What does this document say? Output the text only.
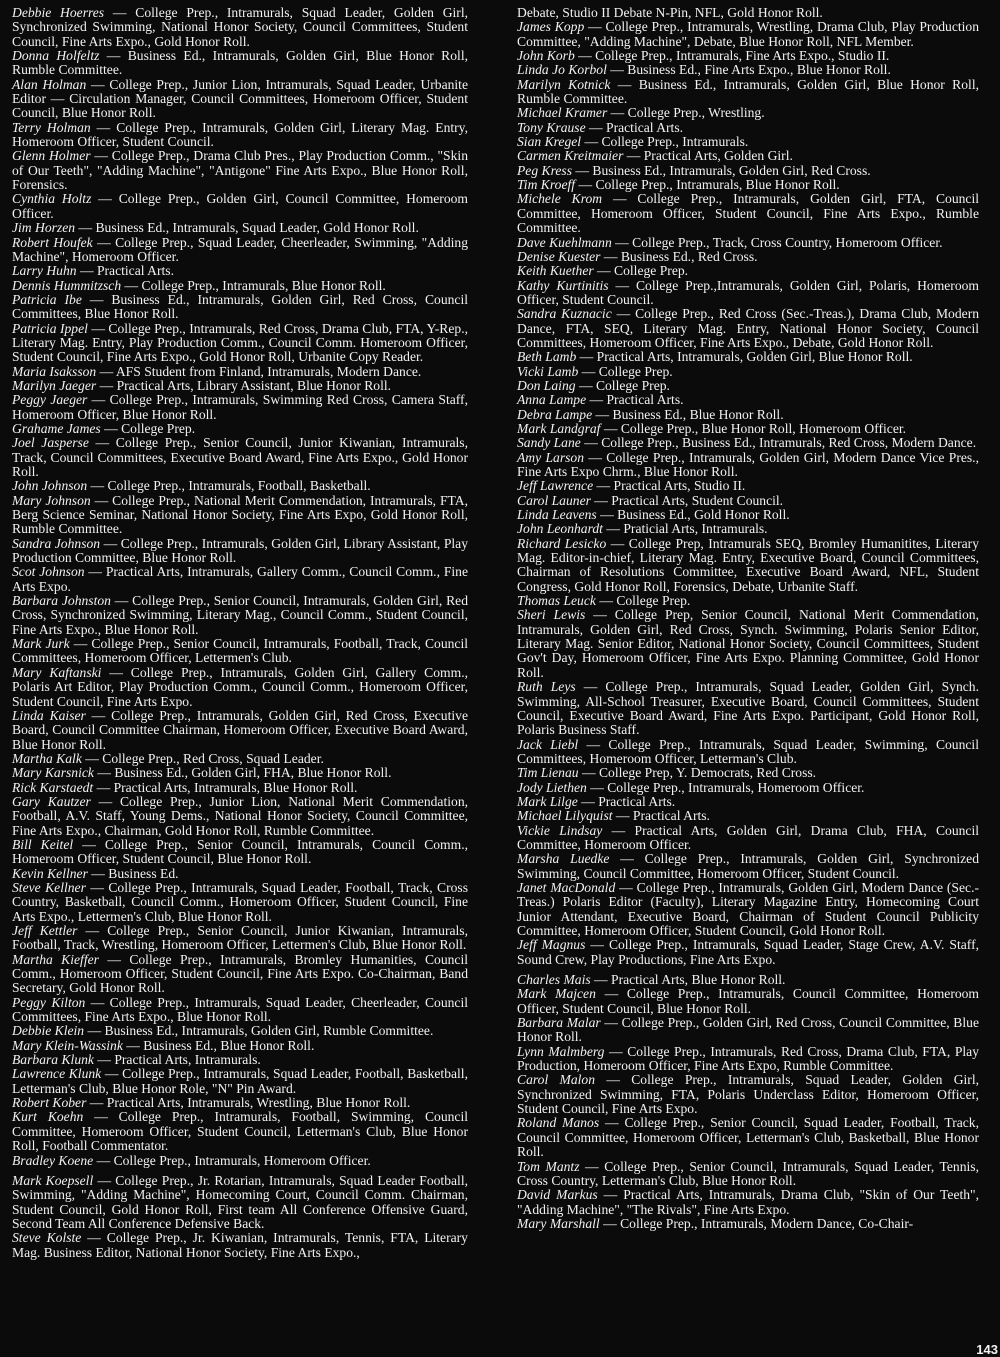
Debbie Hoerres — College Prep., Intramurals, Squad Leader, Golden Girl, Synchronized Swimming, National Honor Society, Council Committees, Student Council, Fine Arts Expo., Gold Honor Roll.

Donna Holfeltz — Business Ed., Intramurals, Golden Girl, Blue Honor Roll, Rumble Committee.

Alan Holman — College Prep., Junior Lion, Intramurals, Squad Leader, Urbanite Editor — Circulation Manager, Council Committees, Homeroom Officer, Student Council, Blue Honor Roll.

Terry Holman — College Prep., Intramurals, Golden Girl, Literary Mag. Entry, Homeroom Officer, Student Council.

Glenn Holmer — College Prep., Drama Club Pres., Play Production Comm., "Skin of Our Teeth", "Adding Machine", "Antigone" Fine Arts Expo., Blue Honor Roll, Forensics.

Cynthia Holtz — College Prep., Golden Girl, Council Committee, Homeroom Officer.

Jim Horzen — Business Ed., Intramurals, Squad Leader, Gold Honor Roll.

Robert Houfek — College Prep., Squad Leader, Cheerleader, Swimming, "Adding Machine", Homeroom Officer.

Larry Huhn — Practical Arts.

Dennis Hummitzsch — College Prep., Intramurals, Blue Honor Roll.

Patricia Ibe — Business Ed., Intramurals, Golden Girl, Red Cross, Council Committees, Blue Honor Roll.

Patricia Ippel — College Prep., Intramurals, Red Cross, Drama Club, FTA, Y-Rep., Literary Mag. Entry, Play Production Comm., Council Comm. Homeroom Officer, Student Council, Fine Arts Expo., Gold Honor Roll, Urbanite Copy Reader.

Maria Isaksson — AFS Student from Finland, Intramurals, Modern Dance.

Marilyn Jaeger — Practical Arts, Library Assistant, Blue Honor Roll.

Peggy Jaeger — College Prep., Intramurals, Swimming Red Cross, Camera Staff, Homeroom Officer, Blue Honor Roll.

Grahame James — College Prep.

Joel Jasperse — College Prep., Senior Council, Junior Kiwanian, Intramurals, Track, Council Committees, Executive Board Award, Fine Arts Expo., Gold Honor Roll.

John Johnson — College Prep., Intramurals, Football, Basketball.

Mary Johnson — College Prep., National Merit Commendation, Intramurals, FTA, Berg Science Seminar, National Honor Society, Fine Arts Expo, Gold Honor Roll, Rumble Committee.

Sandra Johnson — College Prep., Intramurals, Golden Girl, Library Assistant, Play Production Committee, Blue Honor Roll.

Scot Johnson — Practical Arts, Intramurals, Gallery Comm., Council Comm., Fine Arts Expo.

Barbara Johnston — College Prep., Senior Council, Intramurals, Golden Girl, Red Cross, Synchronized Swimming, Literary Mag., Council Comm., Student Council, Fine Arts Expo., Blue Honor Roll.

Mark Jurk — College Prep., Senior Council, Intramurals, Football, Track, Council Committees, Homeroom Officer, Lettermen's Club.

Mary Kaftanski — College Prep., Intramurals, Golden Girl, Gallery Comm., Polaris Art Editor, Play Production Comm., Council Comm., Homeroom Officer, Student Council, Fine Arts Expo.

Linda Kaiser — College Prep., Intramurals, Golden Girl, Red Cross, Executive Board, Council Committee Chairman, Homeroom Officer, Executive Board Award, Blue Honor Roll.

Martha Kalk — College Prep., Red Cross, Squad Leader.

Mary Karsnick — Business Ed., Golden Girl, FHA, Blue Honor Roll.

Rick Karstaedt — Practical Arts, Intramurals, Blue Honor Roll.

Gary Kautzer — College Prep., Junior Lion, National Merit Commendation, Football, A.V. Staff, Young Dems., National Honor Society, Council Committee, Fine Arts Expo., Chairman, Gold Honor Roll, Rumble Committee.

Bill Keitel — College Prep., Senior Council, Intramurals, Council Comm., Homeroom Officer, Student Council, Blue Honor Roll.

Kevin Kellner — Business Ed.

Steve Kellner — College Prep., Intramurals, Squad Leader, Football, Track, Cross Country, Basketball, Council Comm., Homeroom Officer, Student Council, Fine Arts Expo., Lettermen's Club, Blue Honor Roll.

Jeff Kettler — College Prep., Senior Council, Junior Kiwanian, Intramurals, Football, Track, Wrestling, Homeroom Officer, Lettermen's Club, Blue Honor Roll.

Martha Kieffer — College Prep., Intramurals, Bromley Humanities, Council Comm., Homeroom Officer, Student Council, Fine Arts Expo. Co-Chairman, Band Secretary, Gold Honor Roll.

Peggy Kilton — College Prep., Intramurals, Squad Leader, Cheerleader, Council Committees, Fine Arts Expo., Blue Honor Roll.

Debbie Klein — Business Ed., Intramurals, Golden Girl, Rumble Committee.

Mary Klein-Wassink — Business Ed., Blue Honor Roll.

Barbara Klunk — Practical Arts, Intramurals.

Lawrence Klunk — College Prep., Intramurals, Squad Leader, Football, Basketball, Letterman's Club, Blue Honor Role, "N" Pin Award.

Robert Kober — Practical Arts, Intramurals, Wrestling, Blue Honor Roll.

Kurt Koehn — College Prep., Intramurals, Football, Swimming, Council Committee, Homeroom Officer, Student Council, Letterman's Club, Blue Honor Roll, Football Commentator.

Bradley Koene — College Prep., Intramurals, Homeroom Officer.

Mark Koepsell — College Prep., Jr. Rotarian, Intramurals, Squad Leader Football, Swimming, "Adding Machine", Homecoming Court, Council Comm. Chairman, Student Council, Gold Honor Roll, First team All Conference Offensive Guard, Second Team All Conference Defensive Back.

Steve Kolste — College Prep., Jr. Kiwanian, Intramurals, Tennis, FTA, Literary Mag. Business Editor, National Honor Society, Fine Arts Expo.,

Debate, Studio II Debate N-Pin, NFL, Gold Honor Roll.

James Kopp — College Prep., Intramurals, Wrestling, Drama Club, Play Production Committee, "Adding Machine", Debate, Blue Honor Roll, NFL Member.

John Korb — College Prep., Intramurals, Fine Arts Expo., Studio II.

Linda Jo Korbol — Business Ed., Fine Arts Expo., Blue Honor Roll.

Marilyn Kotnick — Business Ed., Intramurals, Golden Girl, Blue Honor Roll, Rumble Committee.

Michael Kramer — College Prep., Wrestling.

Tony Krause — Practical Arts.

Sian Kregel — College Prep., Intramurals.

Carmen Kreitmaier — Practical Arts, Golden Girl.

Peg Kress — Business Ed., Intramurals, Golden Girl, Red Cross.

Tim Kroeff — College Prep., Intramurals, Blue Honor Roll.

Michele Krom — College Prep., Intramurals, Golden Girl, FTA, Council Committee, Homeroom Officer, Student Council, Fine Arts Expo., Rumble Committee.

Dave Kuehlmann — College Prep., Track, Cross Country, Homeroom Officer.

Denise Kuester — Business Ed., Red Cross.

Keith Kuether — College Prep.

Kathy Kurtinitis — College Prep.,Intramurals, Golden Girl, Polaris, Homeroom Officer, Student Council.

Sandra Kuznacic — College Prep., Red Cross (Sec.-Treas.), Drama Club, Modern Dance, FTA, SEQ, Literary Mag. Entry, National Honor Society, Council Committees, Homeroom Officer, Fine Arts Expo., Debate, Gold Honor Roll.

Beth Lamb — Practical Arts, Intramurals, Golden Girl, Blue Honor Roll.

Vicki Lamb — College Prep.

Don Laing — College Prep.

Anna Lampe — Practical Arts.

Debra Lampe — Business Ed., Blue Honor Roll.

Mark Landgraf — College Prep., Blue Honor Roll, Homeroom Officer.

Sandy Lane — College Prep., Business Ed., Intramurals, Red Cross, Modern Dance.

Amy Larson — College Prep., Intramurals, Golden Girl, Modern Dance Vice Pres., Fine Arts Expo Chrm., Blue Honor Roll.

Jeff Lawrence — Practical Arts, Studio II.

Carol Launer — Practical Arts, Student Council.

Linda Leavens — Business Ed., Gold Honor Roll.

John Leonhardt — Praticial Arts, Intramurals.

Richard Lesicko — College Prep, Intramurals SEQ, Bromley Humanitites, Literary Mag. Editor-in-chief, Literary Mag. Entry, Executive Board, Council Committees, Chairman of Resolutions Committee, Executive Board Award, NFL, Student Congress, Gold Honor Roll, Forensics, Debate, Urbanite Staff.

Thomas Leuck — College Prep.

Sheri Lewis — College Prep, Senior Council, National Merit Commendation, Intramurals, Golden Girl, Red Cross, Synch. Swimming, Polaris Senior Editor, Literary Mag. Senior Editor, National Honor Society, Council Committees, Student Gov't Day, Homeroom Officer, Fine Arts Expo. Planning Committee, Gold Honor Roll.

Ruth Leys — College Prep., Intramurals, Squad Leader, Golden Girl, Synch. Swimming, All-School Treasurer, Executive Board, Council Committees, Student Council, Executive Board Award, Fine Arts Expo. Participant, Gold Honor Roll, Polaris Business Staff.

Jack Liebl — College Prep., Intramurals, Squad Leader, Swimming, Council Committees, Homeroom Officer, Letterman's Club.

Tim Lienau — College Prep, Y. Democrats, Red Cross.

Jody Liethen — College Prep., Intramurals, Homeroom Officer.

Mark Lilge — Practical Arts.

Michael Lilyquist — Practical Arts.

Vickie Lindsay — Practical Arts, Golden Girl, Drama Club, FHA, Council Committee, Homeroom Officer.

Marsha Luedke — College Prep., Intramurals, Golden Girl, Synchronized Swimming, Council Committee, Homeroom Officer, Student Council.

Janet MacDonald — College Prep., Intramurals, Golden Girl, Modern Dance (Sec.-Treas.) Polaris Editor (Faculty), Literary Magazine Entry, Homecoming Court Junior Attendant, Executive Board, Chairman of Student Council Publicity Committee, Homeroom Officer, Student Council, Gold Honor Roll.

Jeff Magnus — College Prep., Intramurals, Squad Leader, Stage Crew, A.V. Staff, Sound Crew, Play Productions, Fine Arts Expo.

Charles Mais — Practical Arts, Blue Honor Roll.

Mark Majcen — College Prep., Intramurals, Council Committee, Homeroom Officer, Student Council, Blue Honor Roll.

Barbara Malar — College Prep., Golden Girl, Red Cross, Council Committee, Blue Honor Roll.

Lynn Malmberg — College Prep., Intramurals, Red Cross, Drama Club, FTA, Play Production, Homeroom Officer, Fine Arts Expo, Rumble Committee.

Carol Malon — College Prep., Intramurals, Squad Leader, Golden Girl, Synchronized Swimming, FTA, Polaris Underclass Editor, Homeroom Officer, Student Council, Fine Arts Expo.

Roland Manos — College Prep., Senior Council, Squad Leader, Football, Track, Council Committee, Homeroom Officer, Letterman's Club, Basketball, Blue Honor Roll.

Tom Mantz — College Prep., Senior Council, Intramurals, Squad Leader, Tennis, Cross Country, Letterman's Club, Blue Honor Roll.

David Markus — Practical Arts, Intramurals, Drama Club, "Skin of Our Teeth", "Adding Machine", "The Rivals", Fine Arts Expo.

Mary Marshall — College Prep., Intramurals, Modern Dance, Co-Chair-

143
